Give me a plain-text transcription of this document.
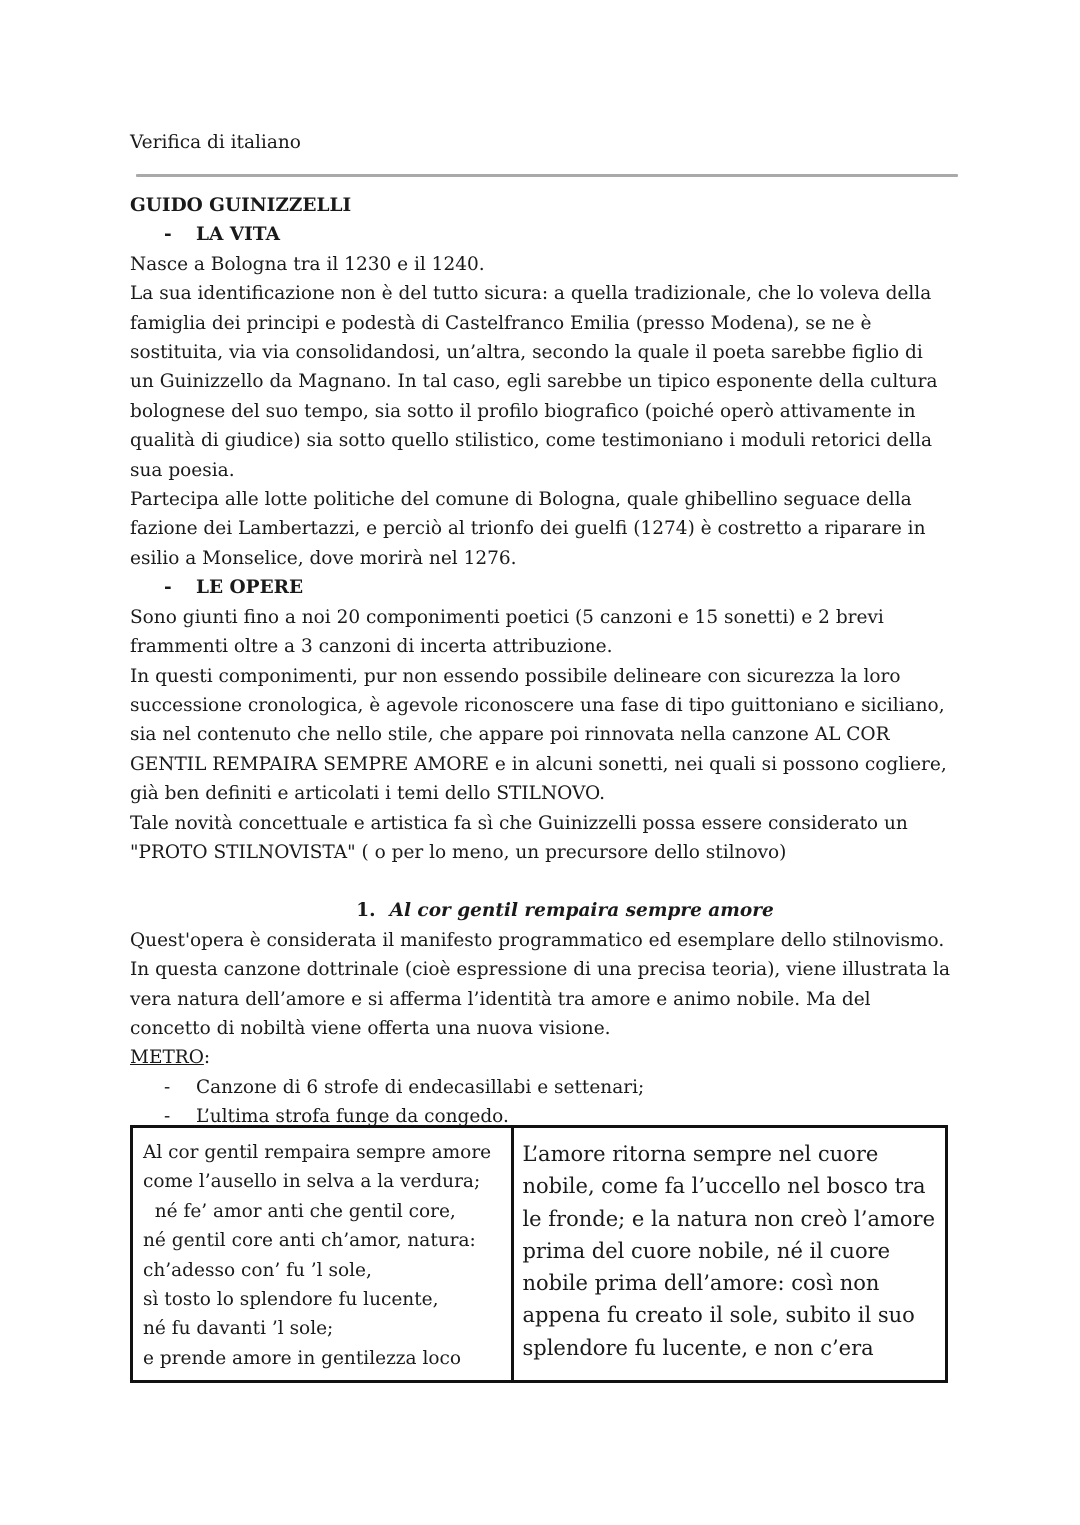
Verifica di italiano

GUIDO GUINIZZELLI

- LA VITA

Nasce a Bologna tra il 1230 e il 1240.

La sua identificazione non è del tutto sicura: a quella tradizionale, che lo voleva della famiglia dei principi e podestà di Castelfranco Emilia (presso Modena), se ne è sostituita, via via consolidandosi, un’altra, secondo la quale il poeta sarebbe figlio di un Guinizzello da Magnano. In tal caso, egli sarebbe un tipico esponente della cultura bolognese del suo tempo, sia sotto il profilo biografico (poiché operò attivamente in qualità di giudice) sia sotto quello stilistico, come testimoniano i moduli retorici della sua poesia.

Partecipa alle lotte politiche del comune di Bologna, quale ghibellino seguace della fazione dei Lambertazzi, e perciò al trionfo dei guelfi (1274) è costretto a riparare in esilio a Monselice, dove morirà nel 1276.

- LE OPERE

Sono giunti fino a noi 20 componimenti poetici (5 canzoni e 15 sonetti) e 2 brevi frammenti oltre a 3 canzoni di incerta attribuzione.

In questi componimenti, pur non essendo possibile delineare con sicurezza la loro successione cronologica, è agevole riconoscere una fase di tipo guittoniano e siciliano, sia nel contenuto che nello stile, che appare poi rinnovata nella canzone AL COR GENTIL REMPAIRA SEMPRE AMORE e in alcuni sonetti, nei quali si possono cogliere, già ben definiti e articolati i temi dello STILNOVO.

Tale novità concettuale e artistica fa sì che Guinizzelli possa essere considerato un "PROTO STILNOVISTA" ( o per lo meno, un precursore dello stilnovo)

1. Al cor gentil rempaira sempre amore

Quest'opera è considerata il manifesto programmatico ed esemplare dello stilnovismo.

In questa canzone dottrinale (cioè espressione di una precisa teoria), viene illustrata la vera natura dell’amore e si afferma l’identità tra amore e animo nobile. Ma del concetto di nobiltà viene offerta una nuova visione.

METRO:

- Canzone di 6 strofe di endecasillabi e settenari;
- L’ultima strofa funge da congedo.

Al cor gentil rempaira sempre amore

come l’ausello in selva a la verdura;

né fe’ amor anti che gentil core,

né gentil core anti ch’amor, natura:

ch’adesso con’ fu ’l sole,

sì tosto lo splendore fu lucente,

né fu davanti ’l sole;

e prende amore in gentilezza loco

L’amore ritorna sempre nel cuore

nobile, come fa l’uccello nel bosco tra

le fronde; e la natura non creò l’amore

prima del cuore nobile, né il cuore

nobile prima dell’amore: così non

appena fu creato il sole, subito il suo

splendore fu lucente, e non c’era
